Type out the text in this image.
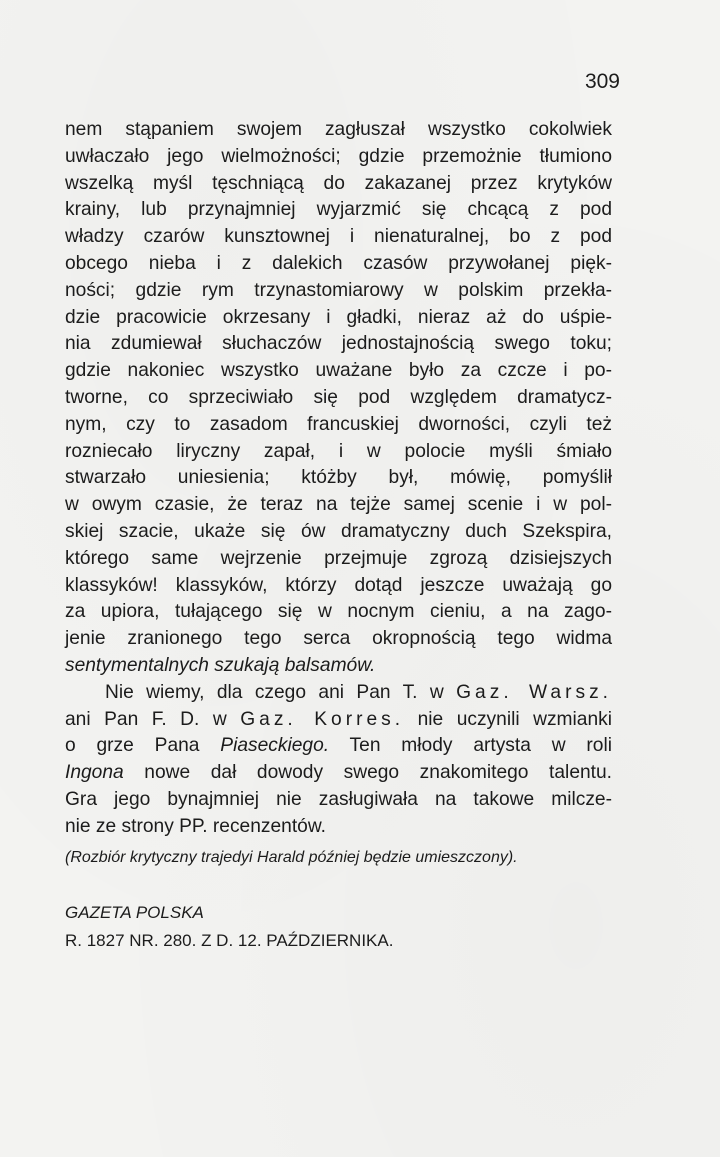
309
nem stąpaniem swojem zagłuszał wszystko cokolwiek
uwłaczało jego wielmożności; gdzie przemożnie tłumiono
wszelką myśl tęschniącą do zakazanej przez krytyków
krainy, lub przynajmniej wyjarzmić się chcącą z pod
władzy czarów kunsztownej i nienaturalnej, bo z pod
obcego nieba i z dalekich czasów przywołanej pięk-
ności; gdzie rym trzynastomiarowy w polskim przekła-
dzie pracowicie okrzesany i gładki, nieraz aż do uśpie-
nia zdumiewał słuchaczów jednostajnością swego toku;
gdzie nakoniec wszystko uważane było za czcze i po-
tworne, co sprzeciwiało się pod względem dramatycz-
nym, czy to zasadom francuskiej dworności, czyli też
rozniecało liryczny zapał, i w polocie myśli śmiało
stwarzało uniesienia; któżby był, mówię, pomyślił
w owym czasie, że teraz na tejże samej scenie i w pol-
skiej szacie, ukaże się ów dramatyczny duch Szekspira,
którego same wejrzenie przejmuje zgrozą dzisiejszych
klassyków! klassyków, którzy dotąd jeszcze uważają go
za upiora, tułającego się w nocnym cieniu, a na zago-
jenie zranionego tego serca okropnością tego widma
sentymentalnych szukają balsamów.
Nie wiemy, dla czego ani Pan T. w Gaz. Warsz.
ani Pan F. D. w Gaz. Korres. nie uczynili wzmianki
o grze Pana Piaseckiego. Ten młody artysta w roli
Ingona nowe dał dowody swego znakomitego talentu.
Gra jego bynajmniej nie zasługiwała na takowe milcze-
nie ze strony PP. recenzentów.
(Rozbiór krytyczny trajedyi Harald później będzie umieszczony).
GAZETA POLSKA
R. 1827 NR. 280. Z D. 12. PAŹDZIERNIKA.
